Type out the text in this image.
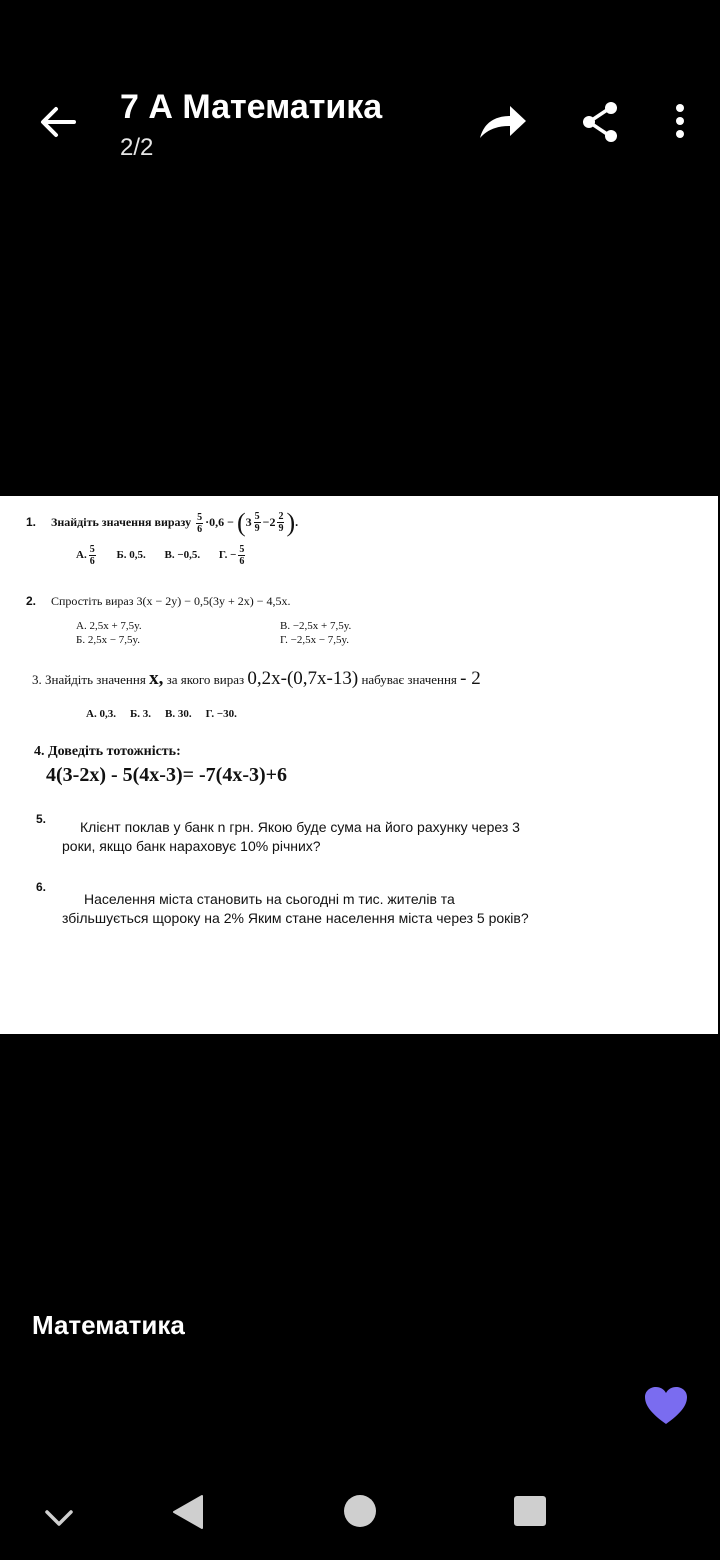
7 А Математика
2/2
1. Знайдіть значення виразу $\frac{5}{6} \cdot 0,6$ − ( $3 \frac{5}{9} - 2 \frac{2}{9}$ ).
А. $\frac{5}{6} Б$. 0,5. В. −0,5. Г. − $\frac{5}{6}$
2. Спростіть вираз 3(x − 2y) − 0,5(3y + 2x) − 4,5x.
А. 2,5x + 7,5y.
Б. 2,5x − 7,5y.
В. −2,5x + 7,5y.
Г. −2,5x − 7,5y.
3. Знайдіть значення х, за якого вираз 0,2х-(0,7х-13) набуває значення - 2
А. 0,3. Б. 3. В. 30. Г. −30.
4. Доведіть тотожність:
4(3-2х) - 5(4х-3)= -7(4х-3)+6
5.	Клієнт поклав у банк n грн. Якою буде сума на його рахунку через 3 роки, якщо банк нараховує 10% річних?
6.
Населення міста становить на сьогодні m тис. жителів та збільшується щороку на 2% Яким стане населення міста через 5 років?
Математика
